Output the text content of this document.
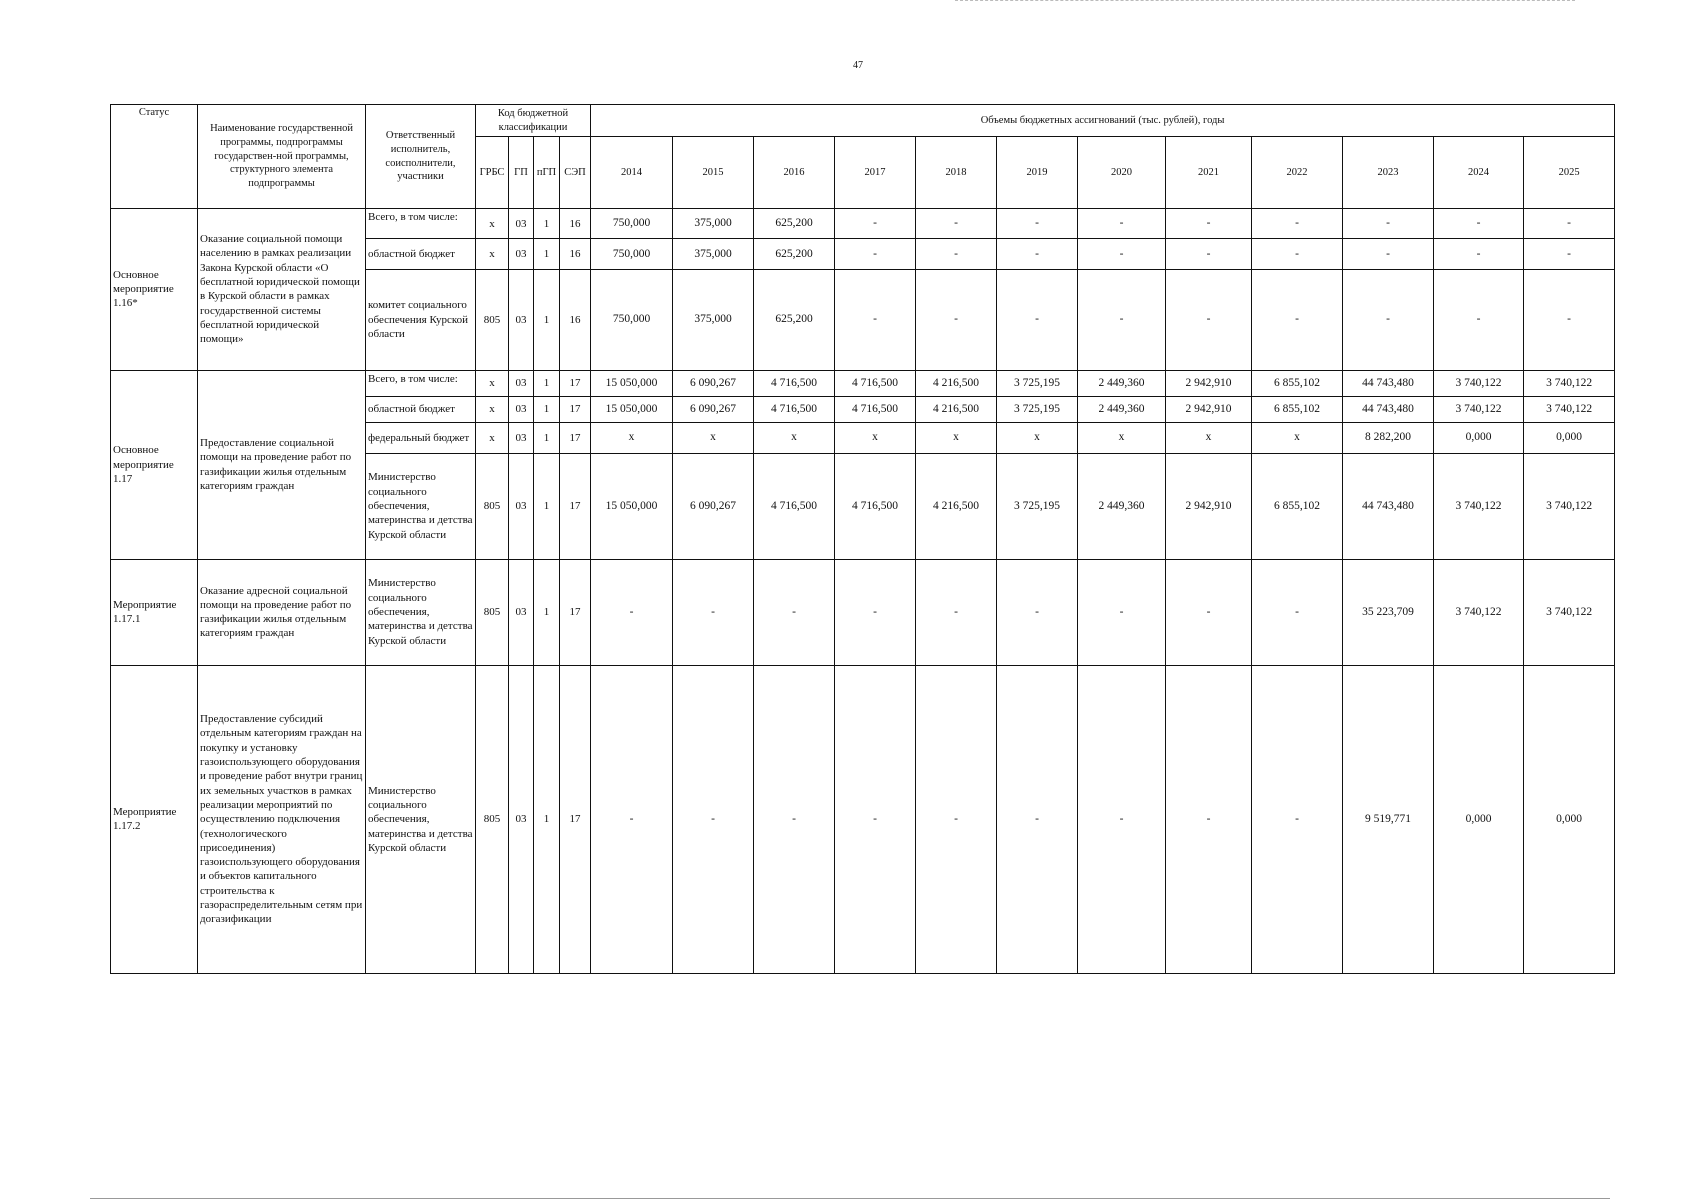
47
Статус	Наименование государственной программы, подпрограммы государствен-ной программы, структурного элемента подпрограммы	Ответственный исполнитель, соисполнители, участники	Код бюджетной классификации				Объемы бюджетных ассигнований (тыс. рублей), годы											
			ГРБС	ГП	пГП	СЭП	2014	2015	2016	2017	2018	2019	2020	2021	2022	2023	2024	2025
Основное мероприятие 1.16*	Оказание социальной помощи населению в рамках реализации Закона Курской области «О бесплатной юридической помощи в Курской области в рамках государственной системы бесплатной юридической помощи»	Всего, в том числе:	x	03	1	16	750,000	375,000	625,200	-	-	-	-	-	-	-	-	-
		областной бюджет	x	03	1	16	750,000	375,000	625,200	-	-	-	-	-	-	-	-	-
		комитет социального обеспечения Курской области	805	03	1	16	750,000	375,000	625,200	-	-	-	-	-	-	-	-	-
Основное мероприятие 1.17	Предоставление социальной помощи на проведение работ по газификации жилья отдельным категориям граждан	Всего, в том числе:	x	03	1	17	15 050,000	6 090,267	4 716,500	4 716,500	4 216,500	3 725,195	2 449,360	2 942,910	6 855,102	44 743,480	3 740,122	3 740,122
		областной бюджет	x	03	1	17	15 050,000	6 090,267	4 716,500	4 716,500	4 216,500	3 725,195	2 449,360	2 942,910	6 855,102	44 743,480	3 740,122	3 740,122
		федеральный бюджет	x	03	1	17	x	x	x	x	x	x	x	x	x	8 282,200	0,000	0,000
		Министерство социального обеспечения, материнства и детства Курской области	805	03	1	17	15 050,000	6 090,267	4 716,500	4 716,500	4 216,500	3 725,195	2 449,360	2 942,910	6 855,102	44 743,480	3 740,122	3 740,122
Мероприятие 1.17.1	Оказание адресной социальной помощи на проведение работ по газификации жилья отдельным категориям граждан	Министерство социального обеспечения, материнства и детства Курской области	805	03	1	17	-	-	-	-	-	-	-	-	-	35 223,709	3 740,122	3 740,122
Мероприятие 1.17.2	Предоставление субсидий отдельным категориям граждан на покупку и установку газоиспользующего оборудования и проведение работ внутри границ их земельных участков в рамках реализации мероприятий по осуществлению подключения (технологического присоединения) газоиспользующего оборудования и объектов капитального строительства к газораспределительным сетям при догазификации	Министерство социального обеспечения, материнства и детства Курской области	805	03	1	17	-	-	-	-	-	-	-	-	-	9 519,771	0,000	0,000
